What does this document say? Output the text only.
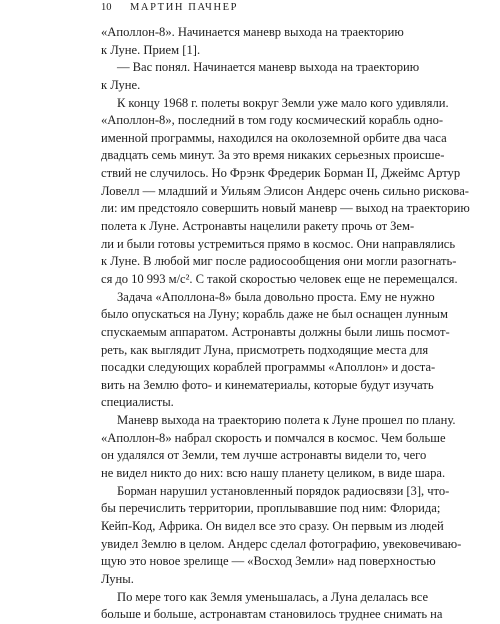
10 МАРТИН ПАЧНЕР
«Аполлон-8». Начинается маневр выхода на траекторию
к Луне. Прием [1].
— Вас понял. Начинается маневр выхода на траекторию
к Луне.
К концу 1968 г. полеты вокруг Земли уже мало кого удивляли.
«Аполлон-8», последний в том году космический корабль одно-
именной программы, находился на околоземной орбите два часа
двадцать семь минут. За это время никаких серьезных происше-
ствий не случилось. Но Фрэнк Фредерик Борман II, Джеймс Артур
Ловелл — младший и Уильям Элисон Андерс очень сильно рискова-
ли: им предстояло совершить новый маневр — выход на траекторию
полета к Луне. Астронавты нацелили ракету прочь от Зем-
ли и были готовы устремиться прямо в космос. Они направлялись
к Луне. В любой миг после радиосообщения они могли разогнать-
ся до 10 993 м/с². С такой скоростью человек еще не перемещался.
Задача «Аполлона-8» была довольно проста. Ему не нужно
было опускаться на Луну; корабль даже не был оснащен лунным
спускаемым аппаратом. Астронавты должны были лишь посмот-
реть, как выглядит Луна, присмотреть подходящие места для
посадки следующих кораблей программы «Аполлон» и доста-
вить на Землю фото- и кинематериалы, которые будут изучать
специалисты.
Маневр выхода на траекторию полета к Луне прошел по плану.
«Аполлон-8» набрал скорость и помчался в космос. Чем больше
он удалялся от Земли, тем лучше астронавты видели то, чего
не видел никто до них: всю нашу планету целиком, в виде шара.
Борман нарушил установленный порядок радиосвязи [3], что-
бы перечислить территории, проплывавшие под ним: Флорида;
Кейп-Код, Африка. Он видел все это сразу. Он первым из людей
увидел Землю в целом. Андерс сделал фотографию, увековечиваю-
щую это новое зрелище — «Восход Земли» над поверхностью
Луны.
По мере того как Земля уменьшалась, а Луна делалась все
больше и больше, астронавтам становилось труднее снимать на
